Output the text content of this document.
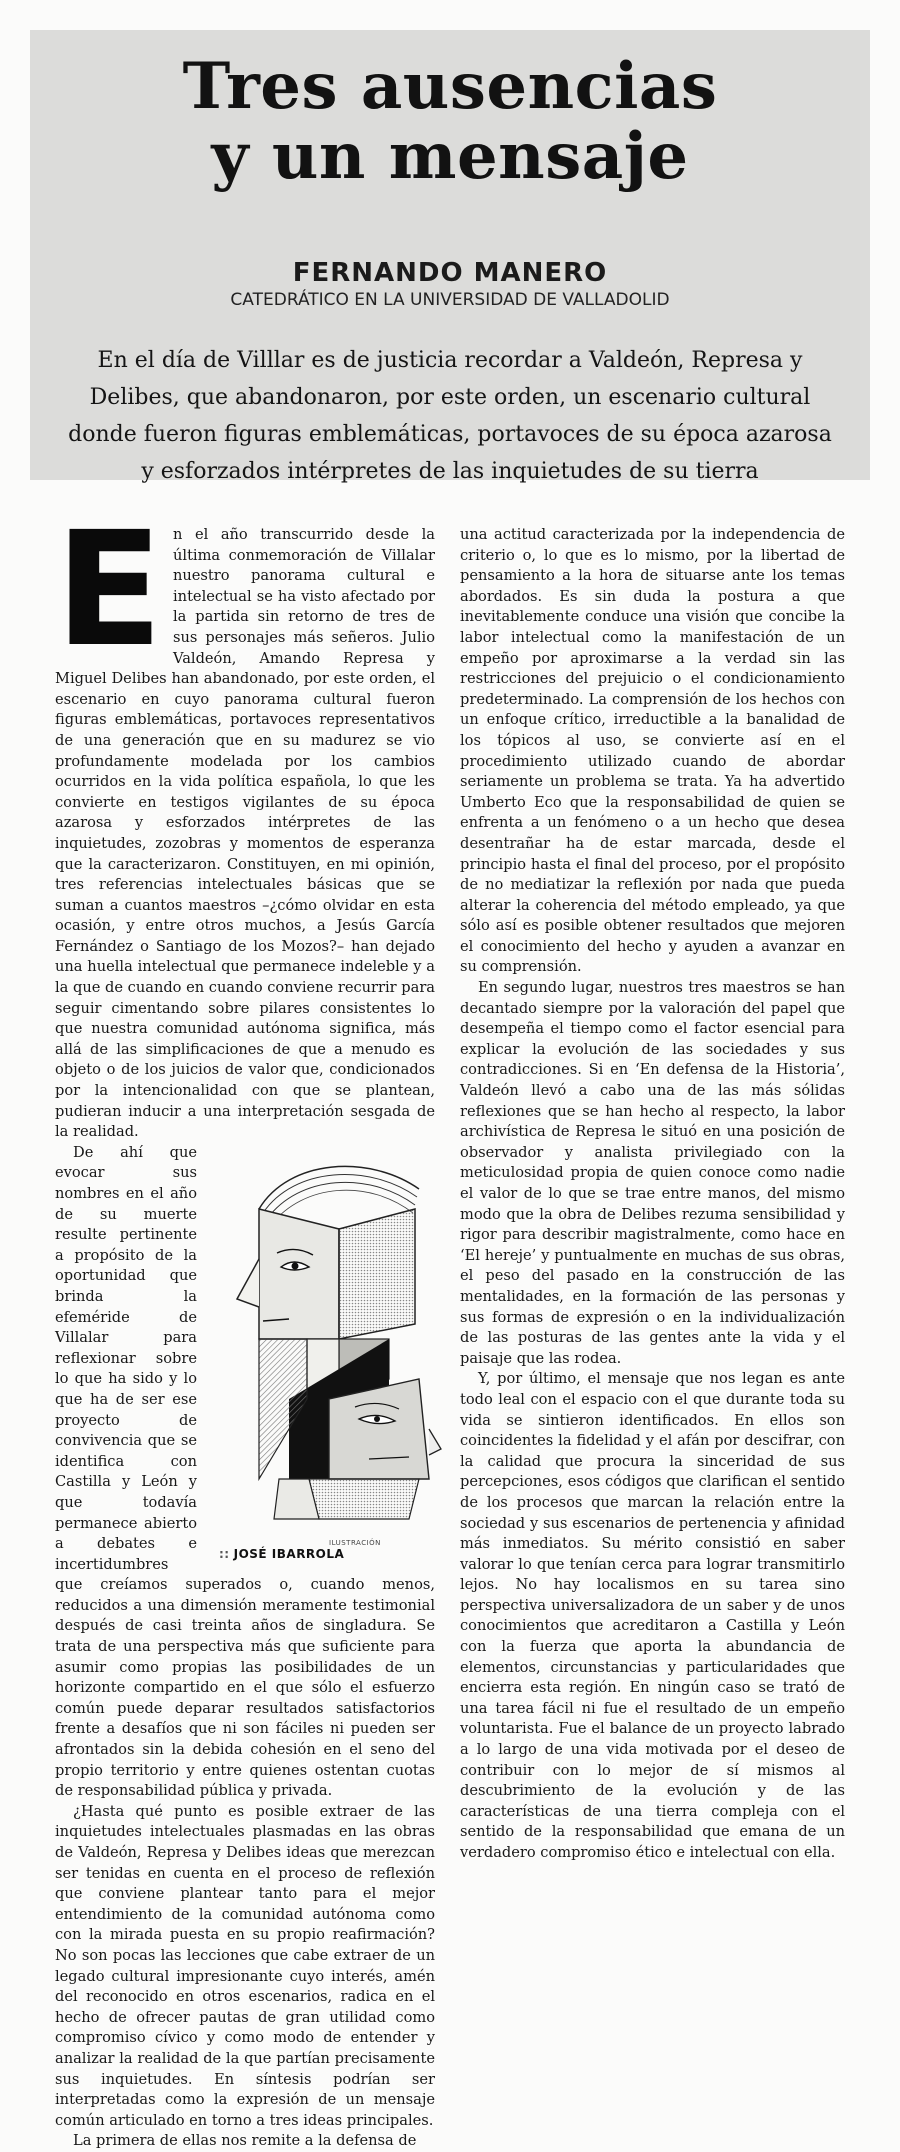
Tres ausencias
y un mensaje
FERNANDO MANERO
CATEDRÁTICO EN LA UNIVERSIDAD DE VALLADOLID
En el día de Villlar es de justicia recordar a Valdeón, Represa y Delibes, que abandonaron, por este orden, un escenario cultural donde fueron figuras emblemáticas, portavoces de su época azarosa y esforzados intérpretes de las inquietudes de su tierra
E n el año transcurrido desde la última conmemoración de Villalar nuestro panorama cultural e intelectual se ha visto afectado por la partida sin retorno de tres de sus personajes más señeros. Julio Valdeón, Amando Represa y Miguel Delibes han abandonado, por este orden, el escenario en cuyo panorama cultural fueron figuras emblemáticas, portavoces representativos de una generación que en su madurez se vio profundamente modelada por los cambios ocurridos en la vida política española, lo que les convierte en testigos vigilantes de su época azarosa y esforzados intérpretes de las inquietudes, zozobras y momentos de esperanza que la caracterizaron. Constituyen, en mi opinión, tres referencias intelectuales básicas que se suman a cuantos maestros –¿cómo olvidar en esta ocasión, y entre otros muchos, a Jesús García Fernández o Santiago de los Mozos?– han dejado una huella intelectual que permanece indeleble y a la que de cuando en cuando conviene recurrir para seguir cimentando sobre pilares consistentes lo que nuestra comunidad autónoma significa, más allá de las simplificaciones de que a menudo es objeto o de los juicios de valor que, condicionados por la intencionalidad con que se plantean, pudieran inducir a una interpretación sesgada de la realidad.

ILUSTRACIÓN
:: JOSÉ IBARROLA

De ahí que evocar sus nombres en el año de su muerte resulte pertinente a propósito de la oportunidad que brinda la efeméride de Villalar para reflexionar sobre lo que ha sido y lo que ha de ser ese proyecto de convivencia que se identifica con Castilla y León y que todavía permanece abierto a debates e incertidumbres que creíamos superados o, cuando menos, reducidos a una dimensión meramente testimonial después de casi treinta años de singladura. Se trata de una perspectiva más que suficiente para asumir como propias las posibilidades de un horizonte compartido en el que sólo el esfuerzo común puede deparar resultados satisfactorios frente a desafíos que ni son fáciles ni pueden ser afrontados sin la debida cohesión en el seno del propio territorio y entre quienes ostentan cuotas de responsabilidad pública y privada.

¿Hasta qué punto es posible extraer de las inquietudes intelectuales plasmadas en las obras de Valdeón, Represa y Delibes ideas que merezcan ser tenidas en cuenta en el proceso de reflexión que conviene plantear tanto para el mejor entendimiento de la comunidad autónoma como con la mirada puesta en su propio reafirmación? No son pocas las lecciones que cabe extraer de un legado cultural impresionante cuyo interés, amén del reconocido en otros escenarios, radica en el hecho de ofrecer pautas de gran utilidad como compromiso cívico y como modo de entender y analizar la realidad de la que partían precisamente sus inquietudes. En síntesis podrían ser interpretadas como la expresión de un mensaje común articulado en torno a tres ideas principales.

La primera de ellas nos remite a la defensa de

una actitud caracterizada por la independencia de criterio o, lo que es lo mismo, por la libertad de pensamiento a la hora de situarse ante los temas abordados. Es sin duda la postura a que inevitablemente conduce una visión que concibe la labor intelectual como la manifestación de un empeño por aproximarse a la verdad sin las restricciones del prejuicio o el condicionamiento predeterminado. La comprensión de los hechos con un enfoque crítico, irreductible a la banalidad de los tópicos al uso, se convierte así en el procedimiento utilizado cuando de abordar seriamente un problema se trata. Ya ha advertido Umberto Eco que la responsabilidad de quien se enfrenta a un fenómeno o a un hecho que desea desentrañar ha de estar marcada, desde el principio hasta el final del proceso, por el propósito de no mediatizar la reflexión por nada que pueda alterar la coherencia del método empleado, ya que sólo así es posible obtener resultados que mejoren el conocimiento del hecho y ayuden a avanzar en su comprensión.

En segundo lugar, nuestros tres maestros se han decantado siempre por la valoración del papel que desempeña el tiempo como el factor esencial para explicar la evolución de las sociedades y sus contradicciones. Si en ‘En defensa de la Historia’, Valdeón llevó a cabo una de las más sólidas reflexiones que se han hecho al respecto, la labor archivística de Represa le situó en una posición de observador y analista privilegiado con la meticulosidad propia de quien conoce como nadie el valor de lo que se trae entre manos, del mismo modo que la obra de Delibes rezuma sensibilidad y rigor para describir magistralmente, como hace en ‘El hereje’ y puntualmente en muchas de sus obras, el peso del pasado en la construcción de las mentalidades, en la formación de las personas y sus formas de expresión o en la individualización de las posturas de las gentes ante la vida y el paisaje que las rodea.

Y, por último, el mensaje que nos legan es ante todo leal con el espacio con el que durante toda su vida se sintieron identificados. En ellos son coincidentes la fidelidad y el afán por descifrar, con la calidad que procura la sinceridad de sus percepciones, esos códigos que clarifican el sentido de los procesos que marcan la relación entre la sociedad y sus escenarios de pertenencia y afinidad más inmediatos. Su mérito consistió en saber valorar lo que tenían cerca para lograr transmitirlo lejos. No hay localismos en su tarea sino perspectiva universalizadora de un saber y de unos conocimientos que acreditaron a Castilla y León con la fuerza que aporta la abundancia de elementos, circunstancias y particularidades que encierra esta región. En ningún caso se trató de una tarea fácil ni fue el resultado de un empeño voluntarista. Fue el balance de un proyecto labrado a lo largo de una vida motivada por el deseo de contribuir con lo mejor de sí mismos al descubrimiento de la evolución y de las características de una tierra compleja con el sentido de la responsabilidad que emana de un verdadero compromiso ético e intelectual con ella.
